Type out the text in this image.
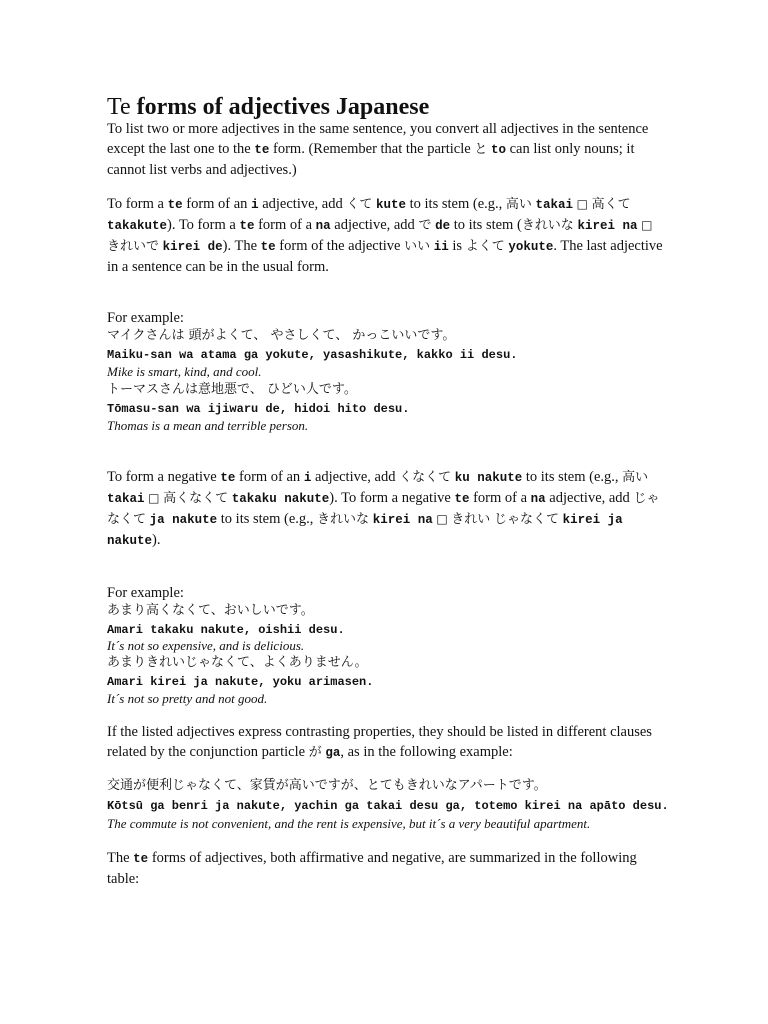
Te forms of adjectives Japanese

To list two or more adjectives in the same sentence, you convert all adjectives in the sentence except the last one to the te form. (Remember that the particle と to can list only nouns; it cannot list verbs and adjectives.)

To form a te form of an i adjective, add くて kute to its stem (e.g., 高い takai □ 高くて takakute). To form a te form of a na adjective, add で de to its stem (きれいな kirei na □ きれいで kirei de). The te form of the adjective いい ii is よくて yokute. The last adjective in a sentence can be in the usual form.

For example:
マイクさんは 頭がよくて、 やさしくて、 かっこいいです。
Maiku-san wa atama ga yokute, yasashikute, kakko ii desu.
Mike is smart, kind, and cool.
トーマスさんは意地悪で、 ひどい人です。
Tōmasu-san wa ijiwaru de, hidoi hito desu.
Thomas is a mean and terrible person.

To form a negative te form of an i adjective, add くなくて ku nakute to its stem (e.g., 高い takai □ 高くなくて takaku nakute). To form a negative te form of a na adjective, add じゃなくて ja nakute to its stem (e.g., きれいな kirei na □ きれい じゃなくて kirei ja nakute).

For example:
あまり高くなくて、おいしいです。
Amari takaku nakute, oishii desu.
It´s not so expensive, and is delicious.
あまりきれいじゃなくて、よくありません。
Amari kirei ja nakute, yoku arimasen.
It´s not so pretty and not good.

If the listed adjectives express contrasting properties, they should be listed in different clauses related by the conjunction particle が ga, as in the following example:

交通が便利じゃなくて、家賃が高いですが、とてもきれいなアパートです。
Kōtsū ga benri ja nakute, yachin ga takai desu ga, totemo kirei na apāto desu.
The commute is not convenient, and the rent is expensive, but it´s a very beautiful apartment.

The te forms of adjectives, both affirmative and negative, are summarized in the following table:
